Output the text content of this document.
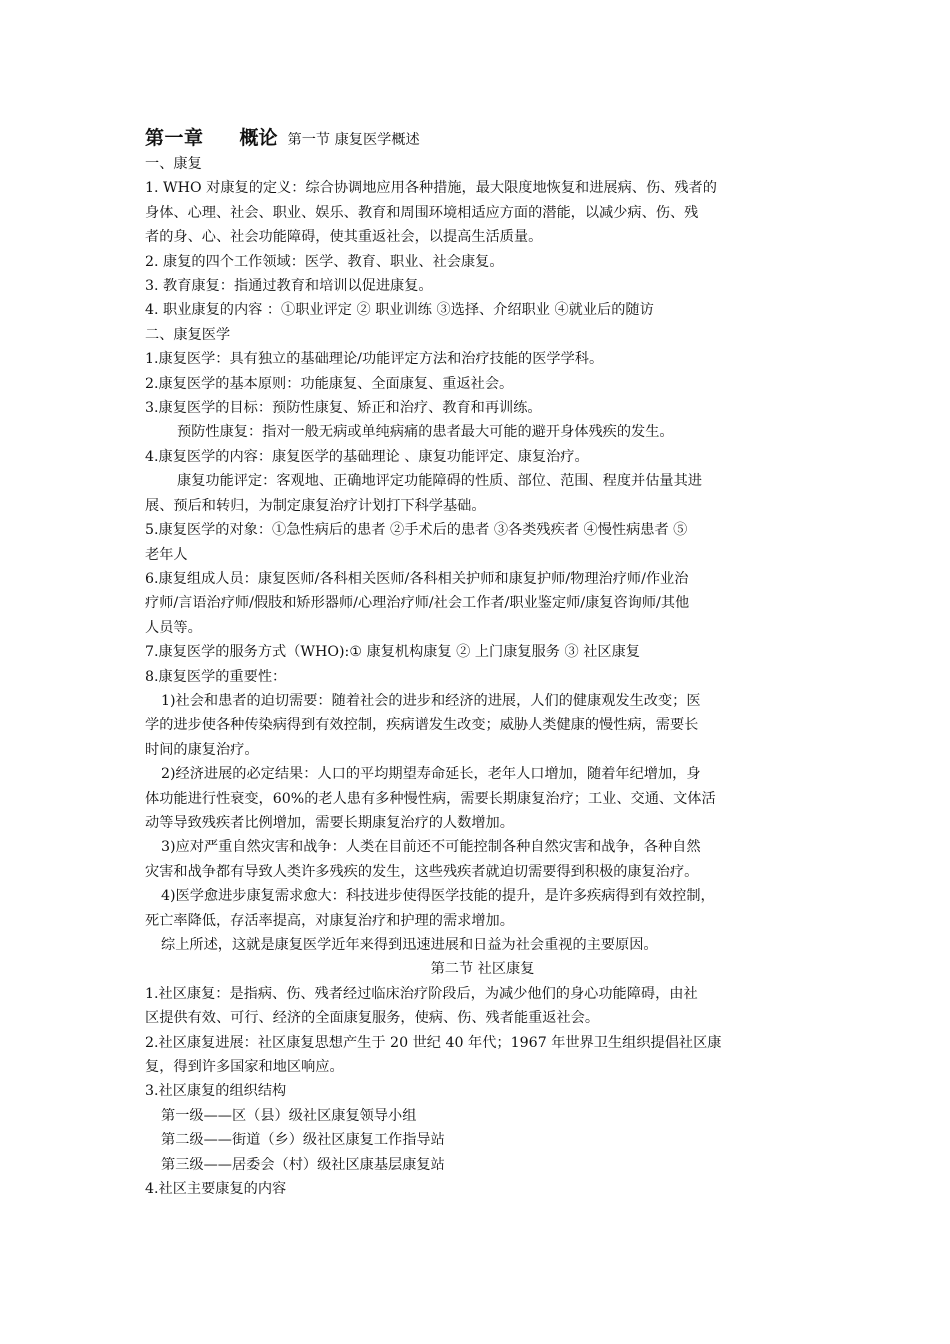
第一章 概论 第一节 康复医学概述

一、康复

1. WHO 对康复的定义：综合协调地应用各种措施，最大限度地恢复和进展病、伤、残者的

身体、心理、社会、职业、娱乐、教育和周围环境相适应方面的潜能，以减少病、伤、残

者的身、心、社会功能障碍，使其重返社会，以提高生活质量。

2. 康复的四个工作领域：医学、教育、职业、社会康复。

3. 教育康复：指通过教育和培训以促进康复。

4. 职业康复的内容 ：①职业评定 ② 职业训练 ③选择、介绍职业 ④就业后的随访

二、康复医学

1.康复医学：具有独立的基础理论/功能评定方法和治疗技能的医学学科。

2.康复医学的基本原则：功能康复、全面康复、重返社会。

3.康复医学的目标：预防性康复、矫正和治疗、教育和再训练。

预防性康复：指对一般无病或单纯病痛的患者最大可能的避开身体残疾的发生。

4.康复医学的内容：康复医学的基础理论 、康复功能评定、康复治疗。

康复功能评定：客观地、正确地评定功能障碍的性质、部位、范围、程度并估量其进

展、预后和转归，为制定康复治疗计划打下科学基础。

5.康复医学的对象：①急性病后的患者 ②手术后的患者 ③各类残疾者 ④慢性病患者 ⑤

老年人

6.康复组成人员：康复医师/各科相关医师/各科相关护师和康复护师/物理治疗师/作业治

疗师/言语治疗师/假肢和矫形器师/心理治疗师/社会工作者/职业鉴定师/康复咨询师/其他

人员等。

7.康复医学的服务方式（WHO):① 康复机构康复 ② 上门康复服务 ③ 社区康复

8.康复医学的重要性：

1)社会和患者的迫切需要：随着社会的进步和经济的进展，人们的健康观发生改变；医

学的进步使各种传染病得到有效控制，疾病谱发生改变；威胁人类健康的慢性病，需要长

时间的康复治疗。

2)经济进展的必定结果：人口的平均期望寿命延长，老年人口增加，随着年纪增加，身

体功能进行性衰变，60%的老人患有多种慢性病，需要长期康复治疗；工业、交通、文体活

动等导致残疾者比例增加，需要长期康复治疗的人数增加。

3)应对严重自然灾害和战争：人类在目前还不可能控制各种自然灾害和战争，各种自然

灾害和战争都有导致人类许多残疾的发生，这些残疾者就迫切需要得到积极的康复治疗。

4)医学愈进步康复需求愈大：科技进步使得医学技能的提升，是许多疾病得到有效控制，

死亡率降低，存活率提高，对康复治疗和护理的需求增加。

综上所述，这就是康复医学近年来得到迅速进展和日益为社会重视的主要原因。

第二节 社区康复

1.社区康复：是指病、伤、残者经过临床治疗阶段后，为减少他们的身心功能障碍，由社

区提供有效、可行、经济的全面康复服务，使病、伤、残者能重返社会。

2.社区康复进展：社区康复思想产生于 20 世纪 40 年代；1967 年世界卫生组织提倡社区康

复，得到许多国家和地区响应。

3.社区康复的组织结构

第一级——区（县）级社区康复领导小组

第二级——街道（乡）级社区康复工作指导站

第三级——居委会（村）级社区康基层康复站

4.社区主要康复的内容
